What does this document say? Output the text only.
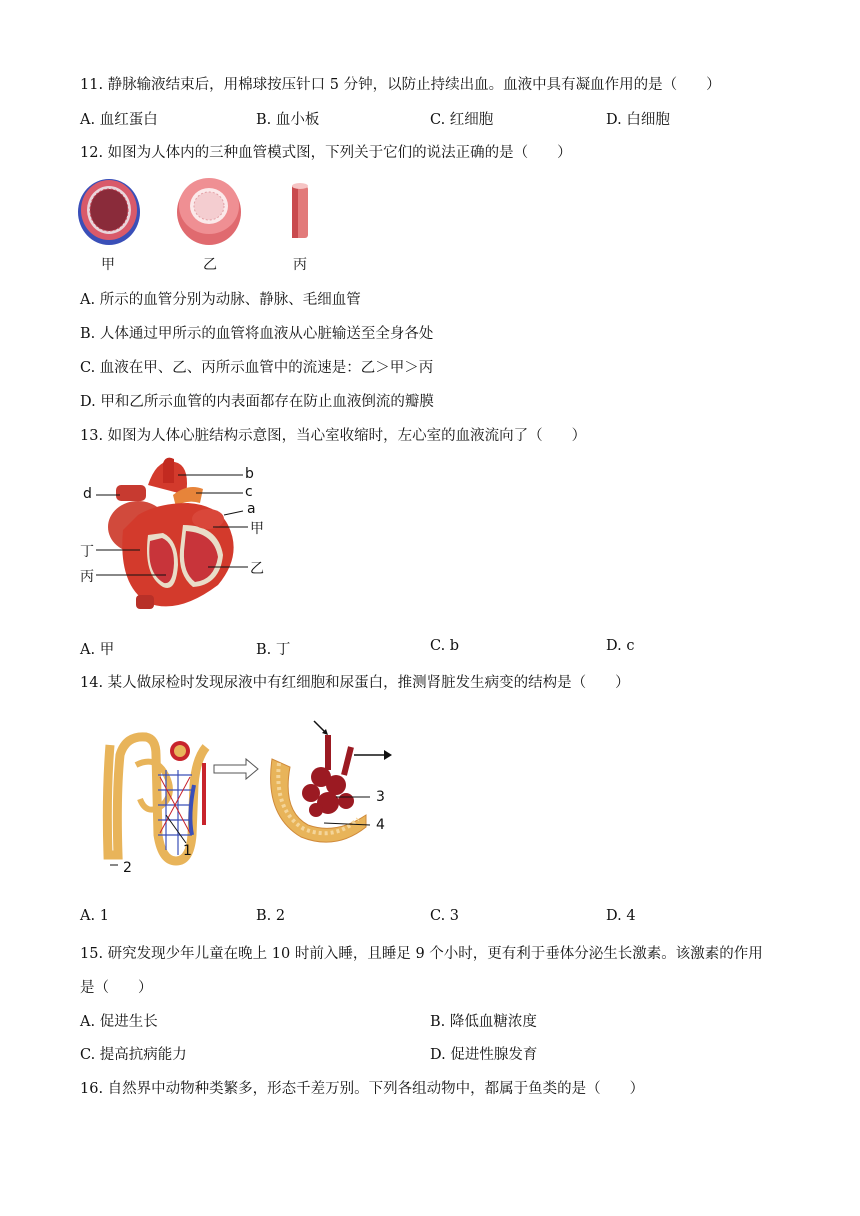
11. 静脉输液结束后，用棉球按压针口 5 分钟，以防止持续出血。血液中具有凝血作用的是（　　）
A. 血红蛋白	B. 血小板	C. 红细胞	D. 白细胞
12. 如图为人体内的三种血管模式图，下列关于它们的说法正确的是（　　）
甲	乙	丙
A. 所示的血管分别为动脉、静脉、毛细血管
B. 人体通过甲所示的血管将血液从心脏输送至全身各处
C. 血液在甲、乙、丙所示血管中的流速是：乙＞甲＞丙
D. 甲和乙所示血管的内表面都存在防止血液倒流的瓣膜
13. 如图为人体心脏结构示意图，当心室收缩时，左心室的血液流向了（　　）
b
c
d
a
甲
丁
乙
丙
A. 甲	B. 丁	C. b	D. c
14. 某人做尿检时发现尿液中有红细胞和尿蛋白，推测肾脏发生病变的结构是（　　）
1
2
3
4
A. 1	B. 2	C. 3	D. 4
15. 研究发现少年儿童在晚上 10 时前入睡，且睡足 9 个小时，更有利于垂体分泌生长激素。该激素的作用
是（　　）
A. 促进生长	B. 降低血糖浓度
C. 提高抗病能力	D. 促进性腺发育
16. 自然界中动物种类繁多，形态千差万别。下列各组动物中，都属于鱼类的是（　　）
